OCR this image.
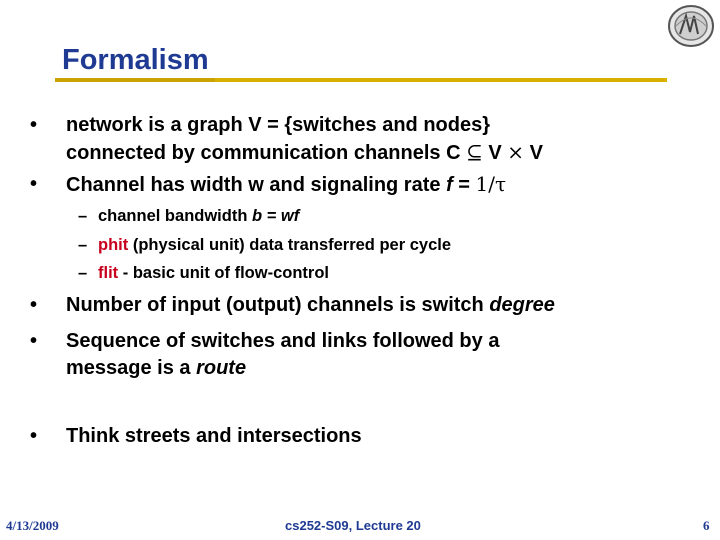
Formalism
•	network is a graph V = {switches and nodes}
connected by communication channels C ⊆ V × V
•	Channel has width w and signaling rate f = 1/τ
– channel bandwidth b = wf
– phit (physical unit) data transferred per cycle
– flit - basic unit of flow-control
•	Number of input (output) channels is switch degree
•	Sequence of switches and links followed by a
message is a route
•	Think streets and intersections
4/13/2009	cs252-S09, Lecture 20	6
